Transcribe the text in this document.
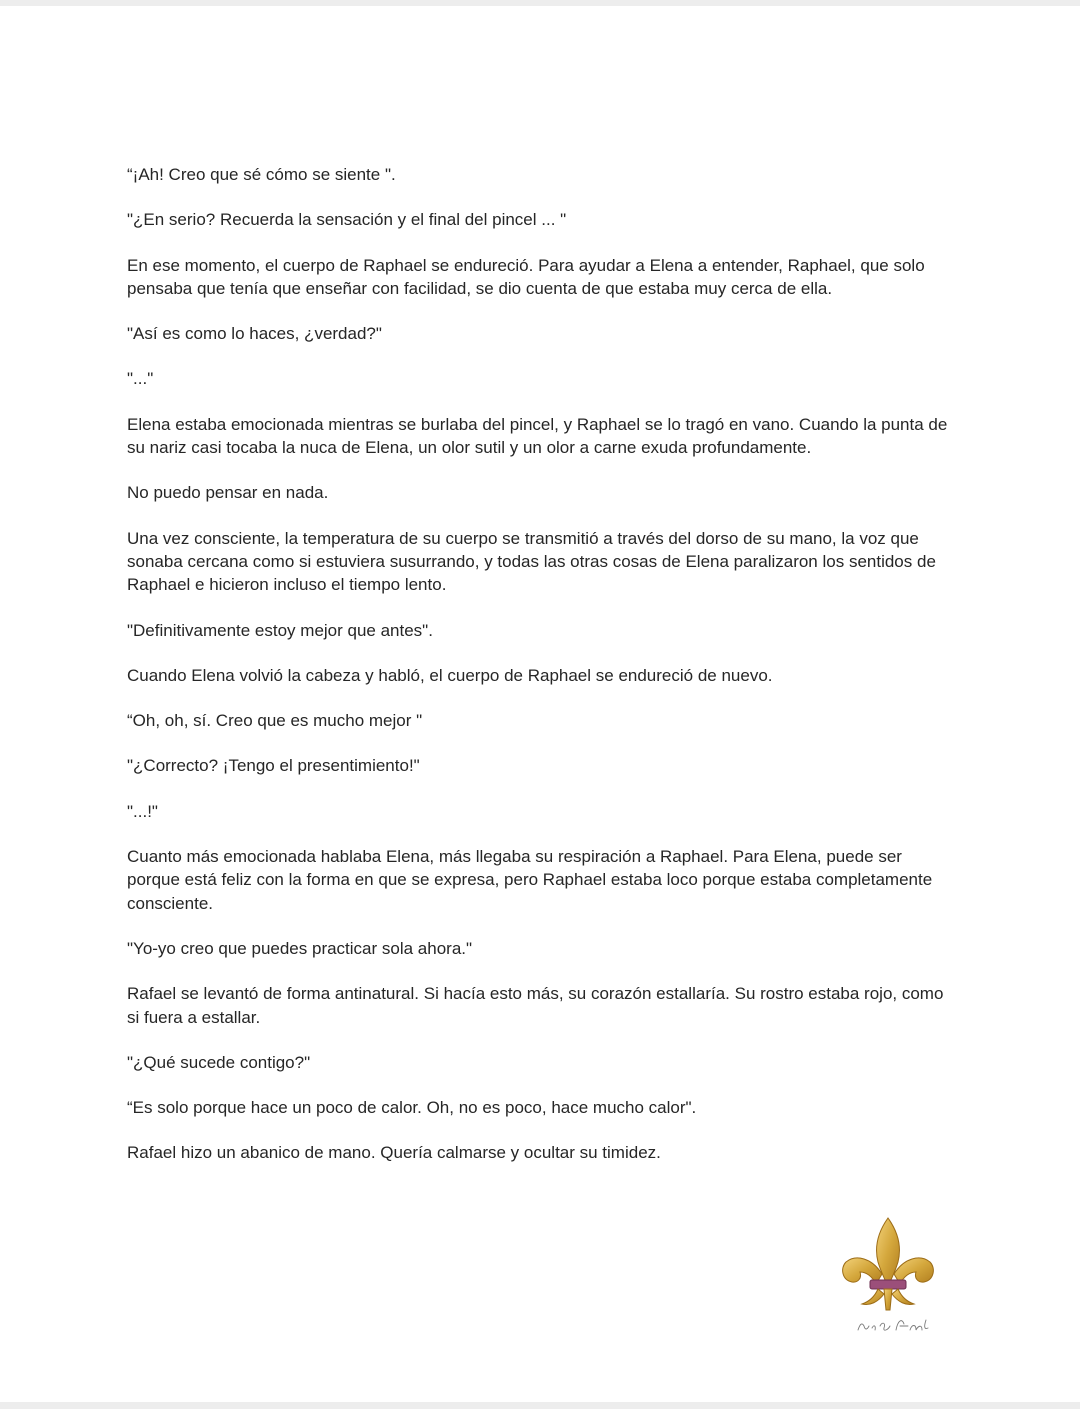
“¡Ah! Creo que sé cómo se siente ".

"¿En serio? Recuerda la sensación y el final del pincel ... "

En ese momento, el cuerpo de Raphael se endureció. Para ayudar a Elena a entender, Raphael, que solo pensaba que tenía que enseñar con facilidad, se dio cuenta de que estaba muy cerca de ella.

"Así es como lo haces, ¿verdad?"

"..."

Elena estaba emocionada mientras se burlaba del pincel, y Raphael se lo tragó en vano. Cuando la punta de su nariz casi tocaba la nuca de Elena, un olor sutil y un olor a carne exuda profundamente.

No puedo pensar en nada.

Una vez consciente, la temperatura de su cuerpo se transmitió a través del dorso de su mano, la voz que sonaba cercana como si estuviera susurrando, y todas las otras cosas de Elena paralizaron los sentidos de Raphael e hicieron incluso el tiempo lento.

"Definitivamente estoy mejor que antes".

Cuando Elena volvió la cabeza y habló, el cuerpo de Raphael se endureció de nuevo.

“Oh, oh, sí. Creo que es mucho mejor "

"¿Correcto? ¡Tengo el presentimiento!"

"...!"

Cuanto más emocionada hablaba Elena, más llegaba su respiración a Raphael. Para Elena, puede ser porque está feliz con la forma en que se expresa, pero Raphael estaba loco porque estaba completamente consciente.

"Yo-yo creo que puedes practicar sola ahora."

Rafael se levantó de forma antinatural. Si hacía esto más, su corazón estallaría. Su rostro estaba rojo, como si fuera a estallar.

"¿Qué sucede contigo?"

“Es solo porque hace un poco de calor. Oh, no es poco, hace mucho calor".

Rafael hizo un abanico de mano. Quería calmarse y ocultar su timidez.
